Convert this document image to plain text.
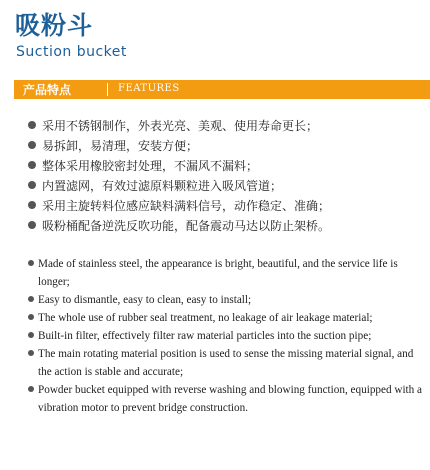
吸粉斗
Suction bucket
产品特点	FEATURES
采用不锈钢制作，外表光亮、美观、使用寿命更长；
易拆卸，易清理，安装方便；
整体采用橡胶密封处理，不漏风不漏料；
内置滤网，有效过滤原料颗粒进入吸风管道；
采用主旋转料位感应缺料满料信号，动作稳定、准确；
吸粉桶配备逆洗反吹功能，配备震动马达以防止架桥。
Made of stainless steel, the appearance is bright, beautiful, and the service life is longer;
Easy to dismantle, easy to clean, easy to install;
The whole use of rubber seal treatment, no leakage of air leakage material;
Built-in filter, effectively filter raw material particles into the suction pipe;
The main rotating material position is used to sense the missing material signal, and the action is stable and accurate;
Powder bucket equipped with reverse washing and blowing function, equipped with a vibration motor to prevent bridge construction.
